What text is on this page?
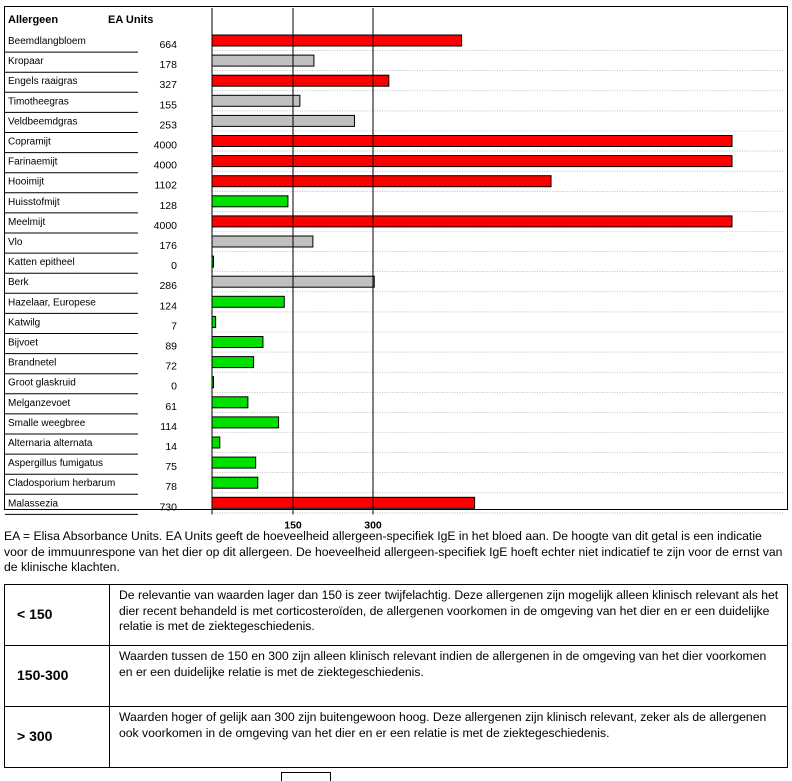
Allergeen	EA Units
Beemdlangbloem	664
Kropaar	178
Engels raaigras	327
Timotheegras	155
Veldbeemdgras	253
Copramijt	4000
Farinaemijt	4000
Hooimijt	1102
Huisstofmijt	128
Meelmijt	4000
Vlo	176
Katten epitheel	0
Berk	286
Hazelaar, Europese	124
Katwilg	7
Bijvoet	89
Brandnetel	72
Groot glaskruid	0
Melganzevoet	61
Smalle weegbree	114
Alternaria alternata	14
Aspergillus fumigatus	75
Cladosporium herbarum	78
Malassezia	730
150	300
EA = Elisa Absorbance Units. EA Units geeft de hoeveelheid allergeen-specifiek IgE in het bloed aan. De hoogte van dit getal is een indicatie voor de immuunrespone van het dier op dit allergeen. De hoeveelheid allergeen-specifiek IgE hoeft echter niet indicatief te zijn voor de ernst van de klinische klachten.
< 150	De relevantie van waarden lager dan 150 is zeer twijfelachtig. Deze allergenen zijn mogelijk alleen klinisch relevant als het dier recent behandeld is met corticosteroïden, de allergenen voorkomen in de omgeving van het dier en er een duidelijke relatie is met de ziektegeschiedenis.
150-300	Waarden tussen de 150 en 300 zijn alleen klinisch relevant indien de allergenen in de omgeving van het dier voorkomen en er een duidelijke relatie is met de ziektegeschiedenis.
> 300	Waarden hoger of gelijk aan 300 zijn buitengewoon hoog. Deze allergenen zijn klinisch relevant, zeker als de allergenen ook voorkomen in de omgeving van het dier en er een relatie is met de ziektegeschiedenis.
